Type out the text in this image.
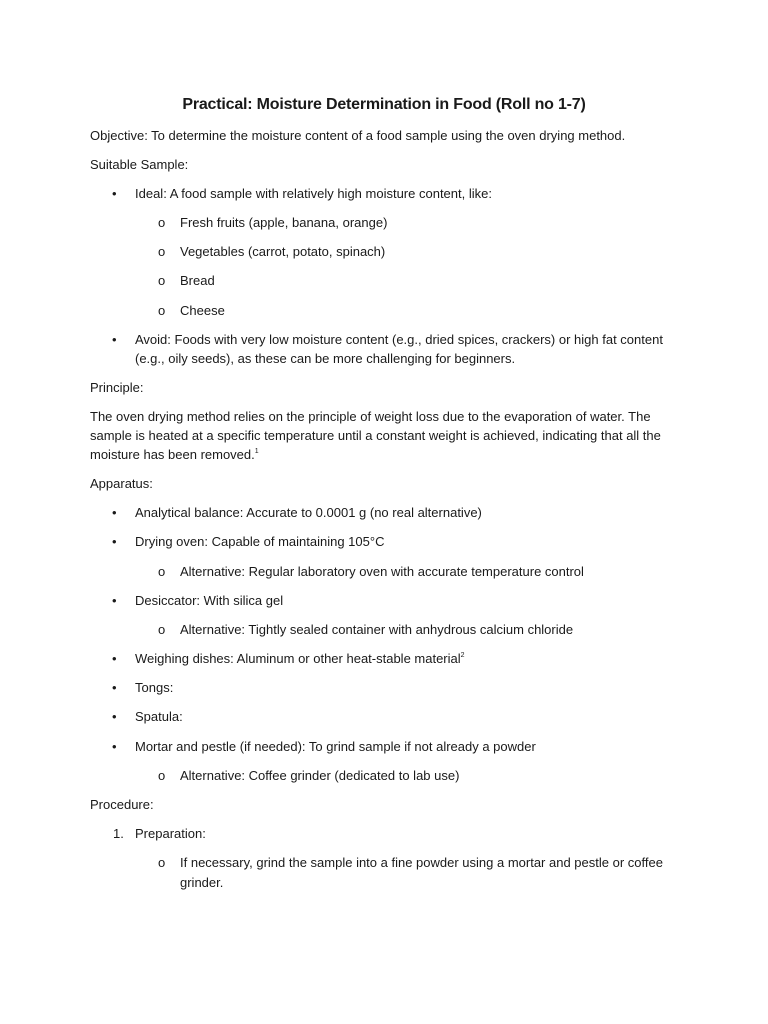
Practical: Moisture Determination in Food (Roll no 1-7)
Objective: To determine the moisture content of a food sample using the oven drying method.
Suitable Sample:
• Ideal: A food sample with relatively high moisture content, like:
o Fresh fruits (apple, banana, orange)
o Vegetables (carrot, potato, spinach)
o Bread
o Cheese
• Avoid: Foods with very low moisture content (e.g., dried spices, crackers) or high fat content
(e.g., oily seeds), as these can be more challenging for beginners.
Principle:
The oven drying method relies on the principle of weight loss due to the evaporation of water. The
sample is heated at a specific temperature until a constant weight is achieved, indicating that all the
moisture has been removed.$^1$
Apparatus:
• Analytical balance: Accurate to 0.0001 g (no real alternative)
• Drying oven: Capable of maintaining 105°C
o Alternative: Regular laboratory oven with accurate temperature control
• Desiccator: With silica gel
o Alternative: Tightly sealed container with anhydrous calcium chloride
• Weighing dishes: Aluminum or other heat-stable material$^2$
• Tongs:
• Spatula:
• Mortar and pestle (if needed): To grind sample if not already a powder
o Alternative: Coffee grinder (dedicated to lab use)
Procedure:
1. Preparation:
o If necessary, grind the sample into a fine powder using a mortar and pestle or coffee
grinder.
